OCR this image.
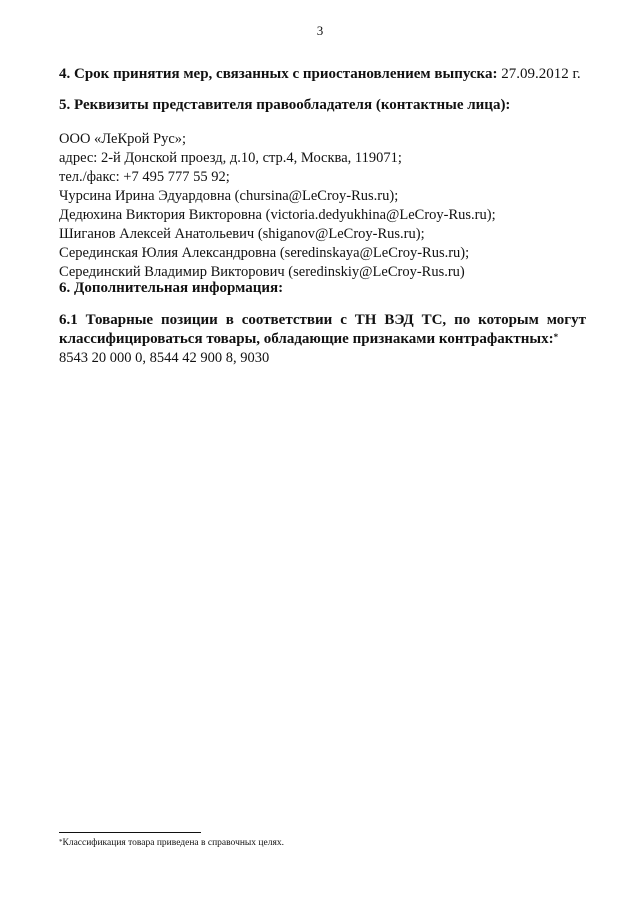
3
4. Срок принятия мер, связанных с приостановлением выпуска: 27.09.2012 г.
5. Реквизиты представителя правообладателя (контактные лица):
ООО «ЛеКрой Рус»;
адрес: 2-й Донской проезд, д.10, стр.4, Москва, 119071;
тел./факс: +7 495 777 55 92;
Чурсина Ирина Эдуардовна (chursina@LeCroy-Rus.ru);
Дедюхина Виктория Викторовна (victoria.dedyukhina@LeCroy-Rus.ru);
Шиганов Алексей Анатольевич (shiganov@LeCroy-Rus.ru);
Серединская Юлия Александровна (seredinskaya@LeCroy-Rus.ru);
Серединский Владимир Викторович (seredinskiy@LeCroy-Rus.ru)
6. Дополнительная информация:
6.1 Товарные позиции в соответствии с ТН ВЭД ТС, по которым могут
классифицироваться товары, обладающие признаками контрафактных:*
8543 20 000 0, 8544 42 900 8, 9030
*Классификация товара приведена в справочных целях.
